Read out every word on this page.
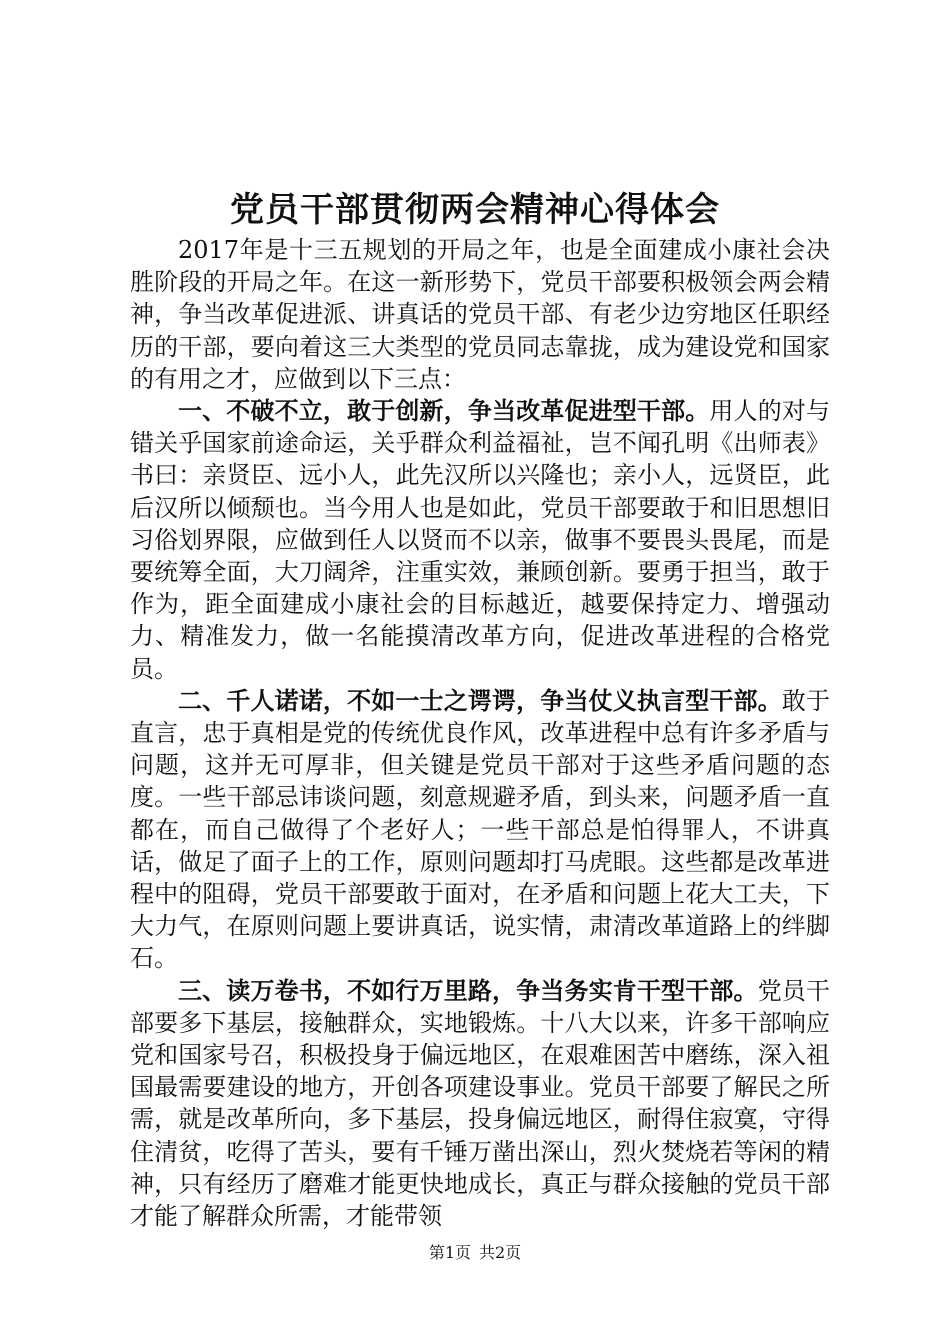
党员干部贯彻两会精神心得体会

2017年是十三五规划的开局之年，也是全面建成小康社会决胜阶段的开局之年。在这一新形势下，党员干部要积极领会两会精神，争当改革促进派、讲真话的党员干部、有老少边穷地区任职经历的干部，要向着这三大类型的党员同志靠拢，成为建设党和国家的有用之才，应做到以下三点：

一、不破不立，敢于创新，争当改革促进型干部。用人的对与错关乎国家前途命运，关乎群众利益福祉，岂不闻孔明《出师表》书曰：亲贤臣、远小人，此先汉所以兴隆也；亲小人，远贤臣，此后汉所以倾颓也。当今用人也是如此，党员干部要敢于和旧思想旧习俗划界限，应做到任人以贤而不以亲，做事不要畏头畏尾，而是要统筹全面，大刀阔斧，注重实效，兼顾创新。要勇于担当，敢于作为，距全面建成小康社会的目标越近，越要保持定力、增强动力、精准发力，做一名能摸清改革方向，促进改革进程的合格党员。

二、千人诺诺，不如一士之谔谔，争当仗义执言型干部。敢于直言，忠于真相是党的传统优良作风，改革进程中总有许多矛盾与问题，这并无可厚非，但关键是党员干部对于这些矛盾问题的态度。一些干部忌讳谈问题，刻意规避矛盾，到头来，问题矛盾一直都在，而自己做得了个老好人；一些干部总是怕得罪人，不讲真话，做足了面子上的工作，原则问题却打马虎眼。这些都是改革进程中的阻碍，党员干部要敢于面对，在矛盾和问题上花大工夫，下大力气，在原则问题上要讲真话，说实情，肃清改革道路上的绊脚石。

三、读万卷书，不如行万里路，争当务实肯干型干部。党员干部要多下基层，接触群众，实地锻炼。十八大以来，许多干部响应党和国家号召，积极投身于偏远地区，在艰难困苦中磨练，深入祖国最需要建设的地方，开创各项建设事业。党员干部要了解民之所需，就是改革所向，多下基层，投身偏远地区，耐得住寂寞，守得住清贫，吃得了苦头，要有千锤万凿出深山，烈火焚烧若等闲的精神，只有经历了磨难才能更快地成长，真正与群众接触的党员干部才能了解群众所需，才能带领

第1页 共2页
